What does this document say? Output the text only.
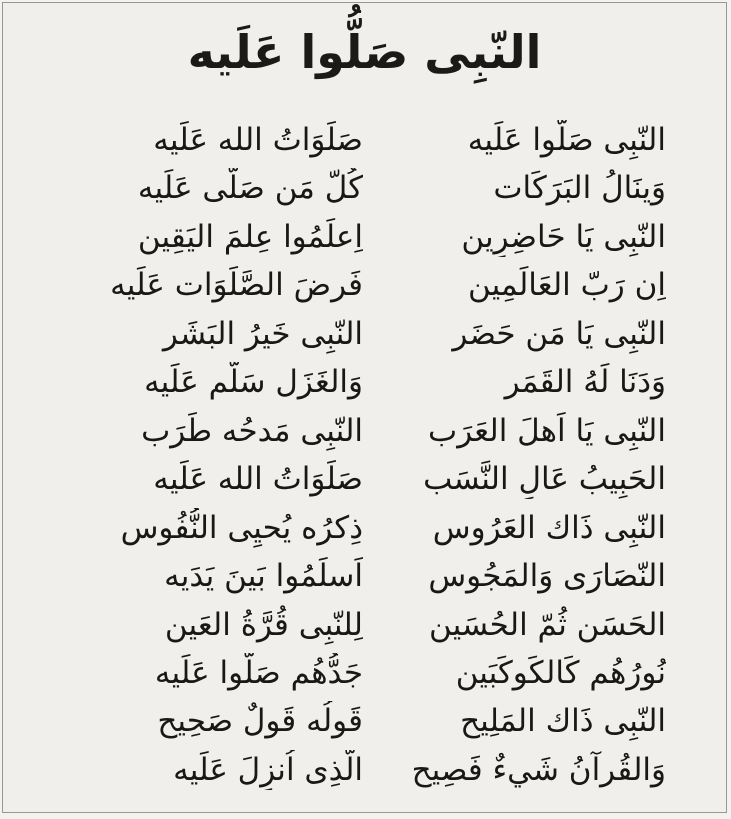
النّبِى صَلُّوا عَلَيه
النّبِى صَلُّوا عَلَيه
وَينَالُ البَرَكَات
النّبِى يَا حَاضِرِين
اِن رَبّ العَالَمِين
النّبِى يَا مَن حَضَر
وَدَنَا لَهُ القَمَر
النّبِى يَا اَهلَ العَرَب
الحَبِيبُ عَالِ النَّسَب
النّبِى ذَاك العَرُوس
النّصَارَى وَالمَجُوس
الحَسَن ثُمّ الحُسَين
نُورُهُم كَالكَوكَبَين
النّبِى ذَاك المَلِيح
وَالقُرآنُ شَيءٌ فَصِيح
صَلَوَاتُ الله عَلَيه
كُلّ مَن صَلّى عَلَيه
اِعلَمُوا عِلمَ اليَقِين
فَرضَ الصَّلَوَات عَلَيه
النّبِى خَيرُ البَشَر
وَالغَزَل سَلّم عَلَيه
النّبِى مَدحُه طَرَب
صَلَوَاتُ الله عَلَيه
ذِكرُه يُحيِى النُّفُوس
اَسلَمُوا بَينَ يَدَيه
لِلنّبِى قُرَّةُ العَين
جَدُّهُم صَلُّوا عَلَيه
قَولُه قَولٌ صَحِيح
الَّذِى اُنزِلَ عَلَيه
